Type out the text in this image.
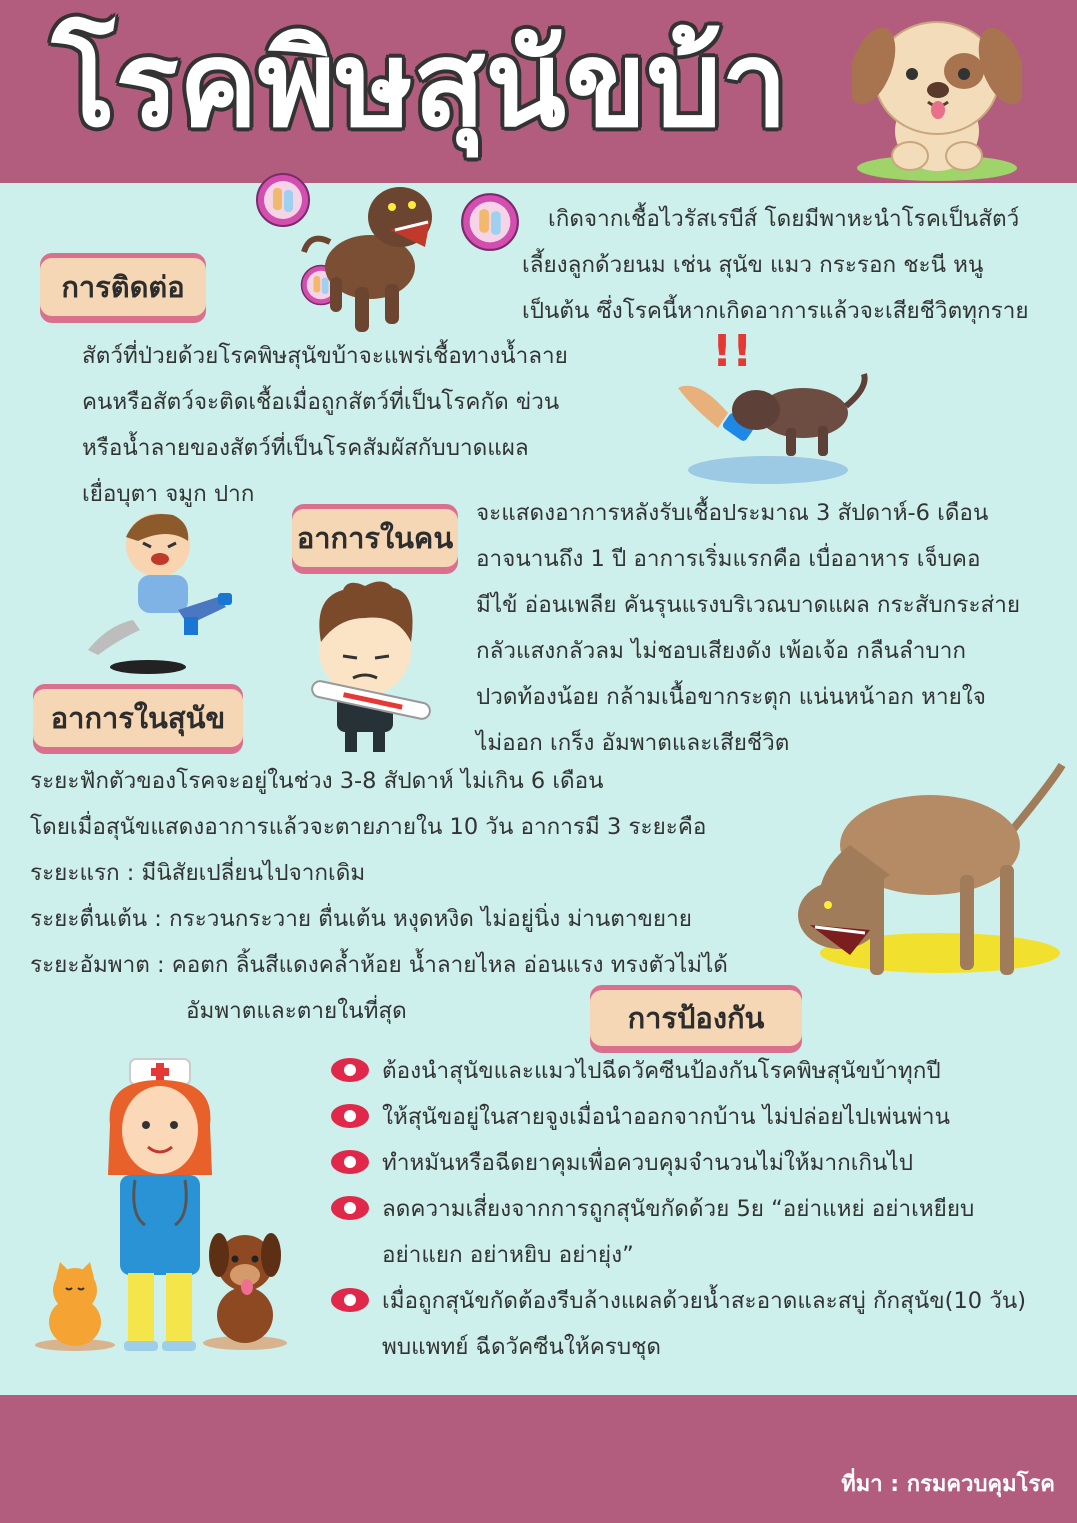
โรคพิษสุนัขบ้า

เกิดจากเชื้อไวรัสเรบีส์ โดยมีพาหะนำโรคเป็นสัตว์

เลี้ยงลูกด้วยนม เช่น สุนัข แมว กระรอก ชะนี หนู

เป็นต้น ซึ่งโรคนี้หากเกิดอาการแล้วจะเสียชีวิตทุกราย

การติดต่อ

สัตว์ที่ป่วยด้วยโรคพิษสุนัขบ้าจะแพร่เชื้อทางน้ำลาย

คนหรือสัตว์จะติดเชื้อเมื่อถูกสัตว์ที่เป็นโรคกัด ข่วน

หรือน้ำลายของสัตว์ที่เป็นโรคสัมผัสกับบาดแผล

เยื่อบุตา จมูก ปาก

!!
อาการในคน

จะแสดงอาการหลังรับเชื้อประมาณ 3 สัปดาห์-6 เดือน

อาจนานถึง 1 ปี อาการเริ่มแรกคือ เบื่ออาหาร เจ็บคอ

มีไข้ อ่อนเพลีย คันรุนแรงบริเวณบาดแผล กระสับกระส่าย

กลัวแสงกลัวลม ไม่ชอบเสียงดัง เพ้อเจ้อ กลืนลำบาก

ปวดท้องน้อย กล้ามเนื้อขากระตุก แน่นหน้าอก หายใจ

ไม่ออก เกร็ง อัมพาตและเสียชีวิต

อาการในสุนัข

ระยะฟักตัวของโรคจะอยู่ในช่วง 3-8 สัปดาห์ ไม่เกิน 6 เดือน

โดยเมื่อสุนัขแสดงอาการแล้วจะตายภายใน 10 วัน อาการมี 3 ระยะคือ

ระยะแรก : มีนิสัยเปลี่ยนไปจากเดิม

ระยะตื่นเต้น : กระวนกระวาย ตื่นเต้น หงุดหงิด ไม่อยู่นิ่ง ม่านตาขยาย

ระยะอัมพาต : คอตก ลิ้นสีแดงคล้ำห้อย น้ำลายไหล อ่อนแรง ทรงตัวไม่ได้

อัมพาตและตายในที่สุด	การป้องกัน
ต้องนำสุนัขและแมวไปฉีดวัคซีนป้องกันโรคพิษสุนัขบ้าทุกปี
ให้สุนัขอยู่ในสายจูงเมื่อนำออกจากบ้าน ไม่ปล่อยไปเพ่นพ่าน
ทำหมันหรือฉีดยาคุมเพื่อควบคุมจำนวนไม่ให้มากเกินไป
ลดความเสี่ยงจากการถูกสุนัขกัดด้วย 5ย “อย่าแหย่ อย่าเหยียบ
อย่าแยก อย่าหยิบ อย่ายุ่ง”
เมื่อถูกสุนัขกัดต้องรีบล้างแผลด้วยน้ำสะอาดและสบู่ กักสุนัข(10 วัน)
พบแพทย์ ฉีดวัคซีนให้ครบชุด
ที่มา : กรมควบคุมโรค
